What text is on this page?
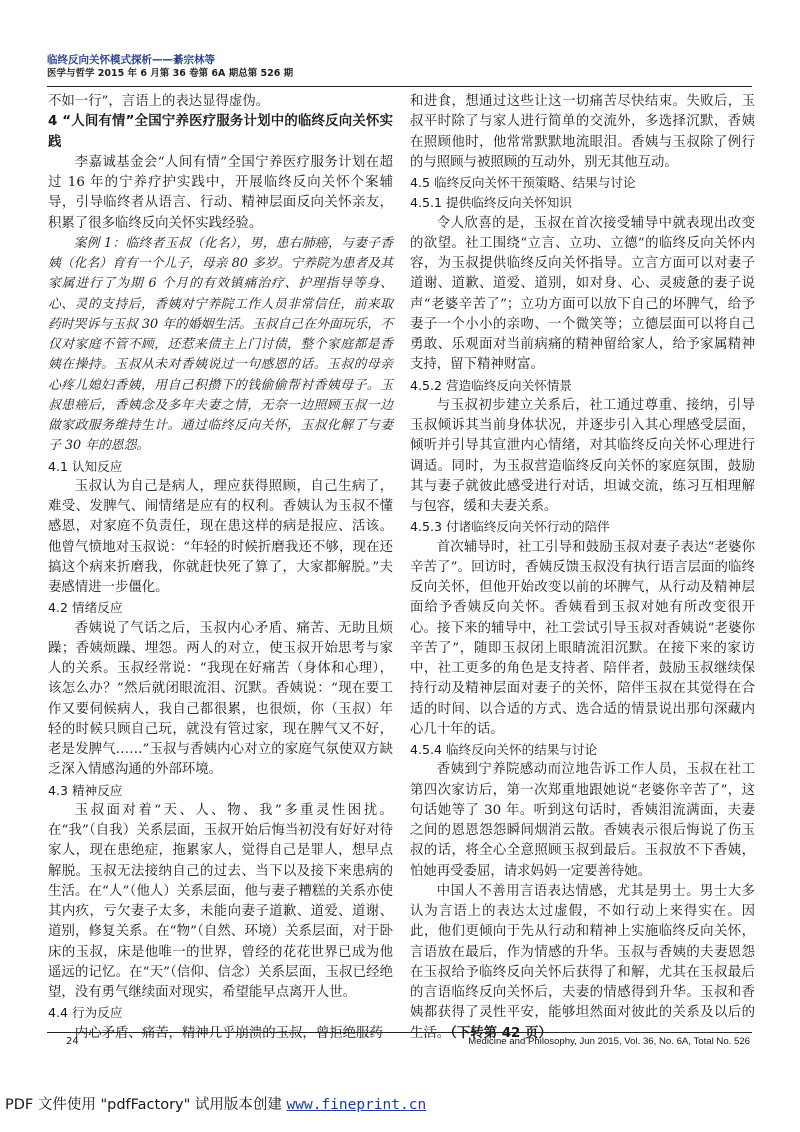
临终反向关怀模式探析——綦宗林等
医学与哲学 2015 年 6 月第 36 卷第 6A 期总第 526 期

不如一行”，言语上的表达显得虚伪。

4 “人间有情”全国宁养医疗服务计划中的临终反向关怀实践

李嘉诚基金会“人间有情”全国宁养医疗服务计划在超过 16 年的宁养疗护实践中，开展临终反向关怀个案辅导，引导临终者从语言、行动、精神层面反向关怀亲友，积累了很多临终反向关怀实践经验。

案例 1：临终者玉叔（化名），男，患右肺癌，与妻子香姨（化名）育有一个儿子，母亲 80 多岁。宁养院为患者及其家属进行了为期 6 个月的有效镇痛治疗、护理指导等身、心、灵的支持后，香姨对宁养院工作人员非常信任，前来取药时哭诉与玉叔 30 年的婚姻生活。玉叔自己在外面玩乐，不仅对家庭不管不顾，还惹来债主上门讨债，整个家庭都是香姨在操持。玉叔从未对香姨说过一句感恩的话。玉叔的母亲心疼儿媳妇香姨，用自己积攒下的钱偷偷帮衬香姨母子。玉叔患癌后，香姨念及多年夫妻之情，无奈一边照顾玉叔一边做家政服务维持生计。通过临终反向关怀，玉叔化解了与妻子 30 年的恩怨。

4.1 认知反应

玉叔认为自己是病人，理应获得照顾，自己生病了，难受、发脾气、闹情绪是应有的权利。香姨认为玉叔不懂感恩，对家庭不负责任，现在患这样的病是报应、活该。他曾气愤地对玉叔说：“年轻的时候折磨我还不够，现在还搞这个病来折磨我，你就赶快死了算了，大家都解脱。”夫妻感情进一步僵化。

4.2 情绪反应

香姨说了气话之后，玉叔内心矛盾、痛苦、无助且烦躁；香姨烦躁、埋怨。两人的对立，使玉叔开始思考与家人的关系。玉叔经常说：“我现在好痛苦（身体和心理），该怎么办？”然后就闭眼流泪、沉默。香姨说：“现在要工作又要伺候病人，我自己都很累，也很烦，你（玉叔）年轻的时候只顾自己玩，就没有管过家，现在脾气又不好，老是发脾气……”玉叔与香姨内心对立的家庭气氛使双方缺乏深入情感沟通的外部环境。

4.3 精神反应

玉叔面对着“天、人、物、我”多重灵性困扰。在“我”（自我）关系层面，玉叔开始后悔当初没有好好对待家人，现在患绝症，拖累家人，觉得自己是罪人，想早点解脱。玉叔无法接纳自己的过去、当下以及接下来患病的生活。在“人”（他人）关系层面，他与妻子糟糕的关系亦使其内疚，亏欠妻子太多，未能向妻子道歉、道爱、道谢、道别，修复关系。在“物”（自然、环境）关系层面，对于卧床的玉叔，床是他唯一的世界，曾经的花花世界已成为他遥远的记忆。在“天”（信仰、信念）关系层面，玉叔已经绝望，没有勇气继续面对现实，希望能早点离开人世。

4.4 行为反应

内心矛盾、痛苦，精神几乎崩溃的玉叔，曾拒绝服药

和进食，想通过这些让这一切痛苦尽快结束。失败后，玉叔平时除了与家人进行简单的交流外，多选择沉默，香姨在照顾他时，他常常默默地流眼泪。香姨与玉叔除了例行的与照顾与被照顾的互动外，别无其他互动。

4.5 临终反向关怀干预策略、结果与讨论

4.5.1 提供临终反向关怀知识

令人欣喜的是，玉叔在首次接受辅导中就表现出改变的欲望。社工围绕“立言、立功、立德”的临终反向关怀内容，为玉叔提供临终反向关怀指导。立言方面可以对妻子道谢、道歉、道爱、道别，如对身、心、灵疲惫的妻子说声“老婆辛苦了”；立功方面可以放下自己的坏脾气，给予妻子一个小小的亲吻、一个微笑等；立德层面可以将自己勇敢、乐观面对当前病痛的精神留给家人，给予家属精神支持，留下精神财富。

4.5.2 营造临终反向关怀情景

与玉叔初步建立关系后，社工通过尊重、接纳，引导玉叔倾诉其当前身体状况，并逐步引入其心理感受层面，倾听并引导其宣泄内心情绪，对其临终反向关怀心理进行调适。同时，为玉叔营造临终反向关怀的家庭氛围，鼓励其与妻子就彼此感受进行对话，坦诚交流，练习互相理解与包容，缓和夫妻关系。

4.5.3 付诸临终反向关怀行动的陪伴

首次辅导时，社工引导和鼓励玉叔对妻子表达“老婆你辛苦了”。回访时，香姨反馈玉叔没有执行语言层面的临终反向关怀，但他开始改变以前的坏脾气，从行动及精神层面给予香姨反向关怀。香姨看到玉叔对她有所改变很开心。接下来的辅导中，社工尝试引导玉叔对香姨说“老婆你辛苦了”，随即玉叔闭上眼睛流泪沉默。在接下来的家访中，社工更多的角色是支持者、陪伴者，鼓励玉叔继续保持行动及精神层面对妻子的关怀，陪伴玉叔在其觉得在合适的时间、以合适的方式、选合适的情景说出那句深藏内心几十年的话。

4.5.4 临终反向关怀的结果与讨论

香姨到宁养院感动而泣地告诉工作人员，玉叔在社工第四次家访后，第一次郑重地跟她说“老婆你辛苦了”，这句话她等了 30 年。听到这句话时，香姨泪流满面，夫妻之间的恩恩怨怨瞬间烟消云散。香姨表示很后悔说了伤玉叔的话，将全心全意照顾玉叔到最后。玉叔放不下香姨，怕她再受委屈，请求妈妈一定要善待她。

中国人不善用言语表达情感，尤其是男士。男士大多认为言语上的表达太过虚假，不如行动上来得实在。因此，他们更倾向于先从行动和精神上实施临终反向关怀，言语放在最后，作为情感的升华。玉叔与香姨的夫妻恩怨在玉叔给予临终反向关怀后获得了和解，尤其在玉叔最后的言语临终反向关怀后，夫妻的情感得到升华。玉叔和香姨都获得了灵性平安，能够坦然面对彼此的关系及以后的生活。（下转第 42 页）

24	Medicine and Philosophy, Jun 2015, Vol. 36, No. 6A, Total No. 526
PDF 文件使用 "pdfFactory" 试用版本创建 www.fineprint.cn
